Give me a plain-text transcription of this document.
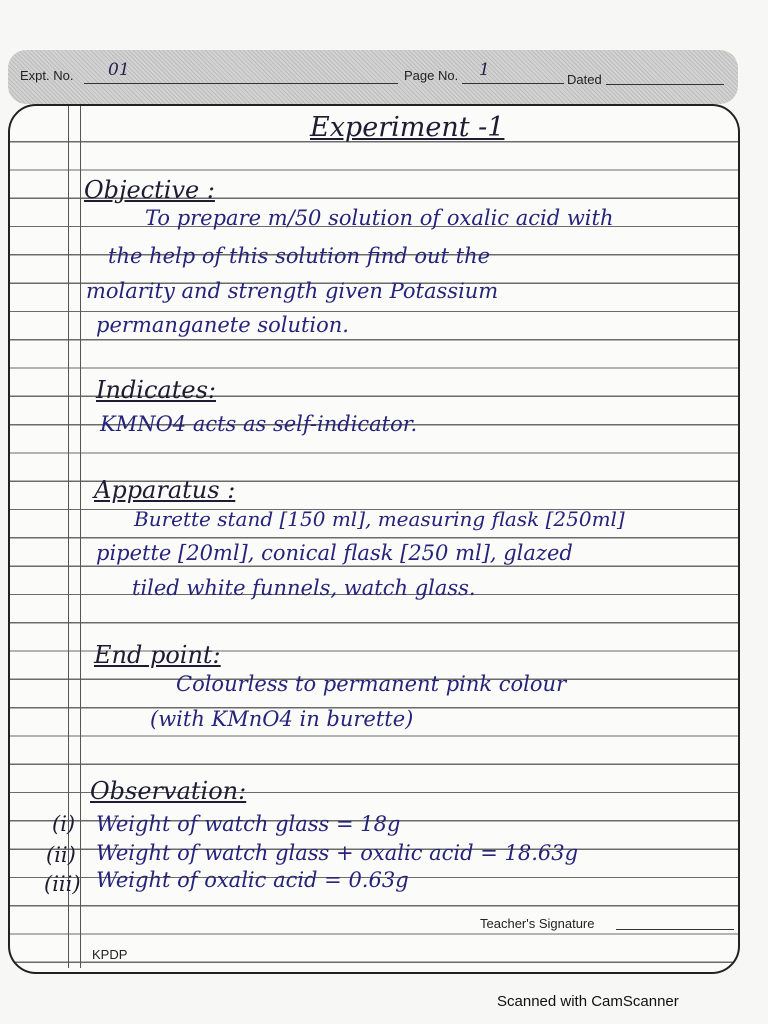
Expt. No. 01	Page No. 1	Dated
Experiment -1
Objective :
To prepare m/50 solution of oxalic acid with
the help of this solution find out the
molarity and strength given Potassium
permanganete solution.
Indicates:
KMNO4 acts as self-indicator.
Apparatus :
Burette stand [150 ml], measuring flask [250ml]
pipette [20ml], conical flask [250 ml], glazed
tiled white funnels, watch glass.
End point:
Colourless to permanent pink colour
(with KMnO4 in burette)
Observation:
(i) Weight of watch glass = 18g
(ii) Weight of watch glass + oxalic acid = 18.63g
(iii) Weight of oxalic acid = 0.63g
Teacher's Signature
KPDP
Scanned with CamScanner
